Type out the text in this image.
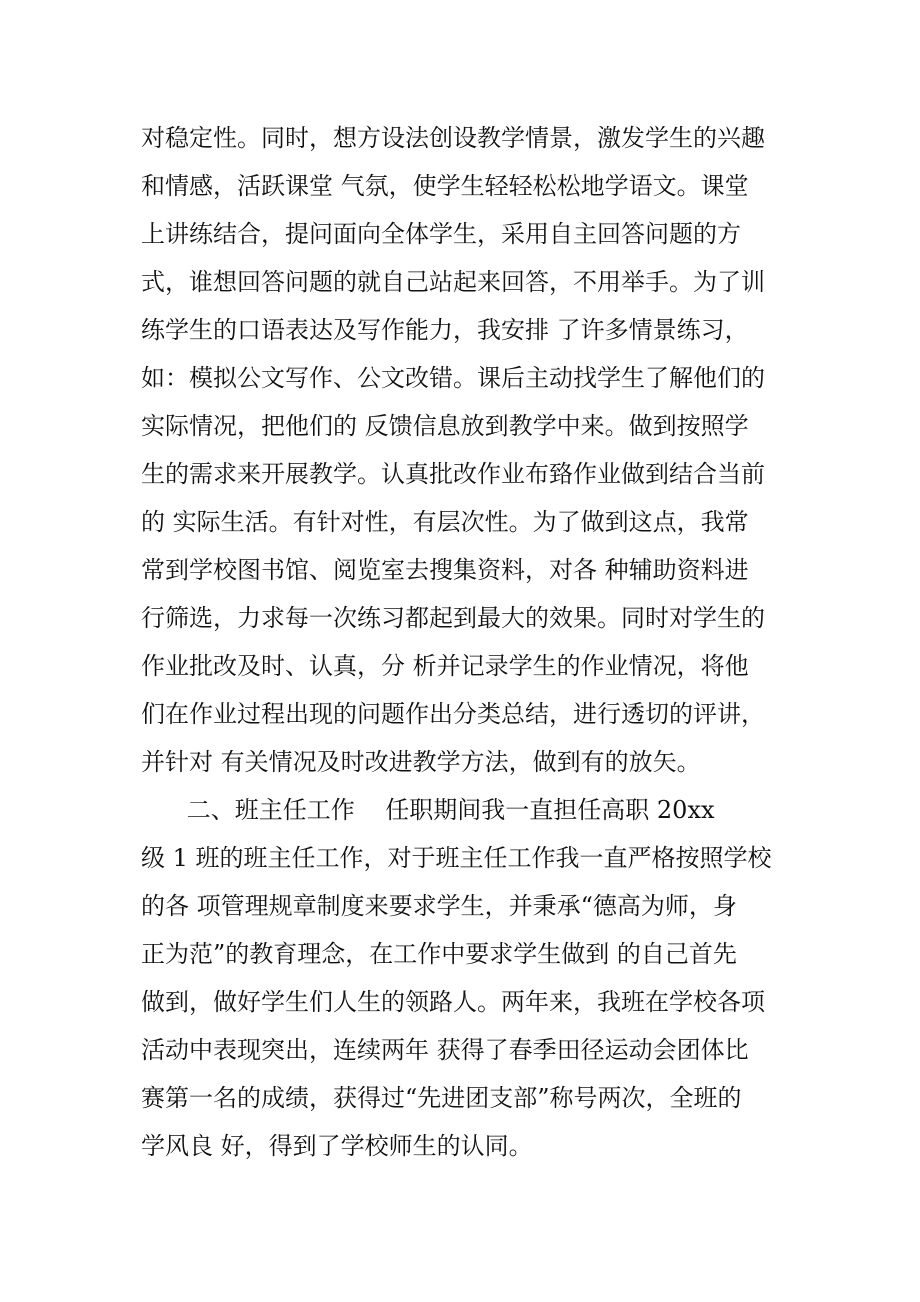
对稳定性。同时，想方设法创设教学情景，激发学生的兴趣
和情感，活跃课堂 气氛，使学生轻轻松松地学语文。课堂
上讲练结合，提问面向全体学生，采用自主回答问题的方
式，谁想回答问题的就自己站起来回答，不用举手。为了训
练学生的口语表达及写作能力，我安排 了许多情景练习，
如：模拟公文写作、公文改错。课后主动找学生了解他们的
实际情况，把他们的 反馈信息放到教学中来。做到按照学
生的需求来开展教学。认真批改作业布臵作业做到结合当前
的 实际生活。有针对性，有层次性。为了做到这点，我常
常到学校图书馆、阅览室去搜集资料，对各 种辅助资料进
行筛选，力求每一次练习都起到最大的效果。同时对学生的
作业批改及时、认真，分 析并记录学生的作业情况，将他
们在作业过程出现的问题作出分类总结，进行透切的评讲，
并针对 有关情况及时改进教学方法，做到有的放矢。
二、班主任工作    任职期间我一直担任高职 20xx
级 1 班的班主任工作，对于班主任工作我一直严格按照学校
的各 项管理规章制度来要求学生，并秉承“德高为师，身
正为范”的教育理念，在工作中要求学生做到 的自己首先
做到，做好学生们人生的领路人。两年来，我班在学校各项
活动中表现突出，连续两年 获得了春季田径运动会团体比
赛第一名的成绩，获得过“先进团支部”称号两次，全班的
学风良 好，得到了学校师生的认同。
